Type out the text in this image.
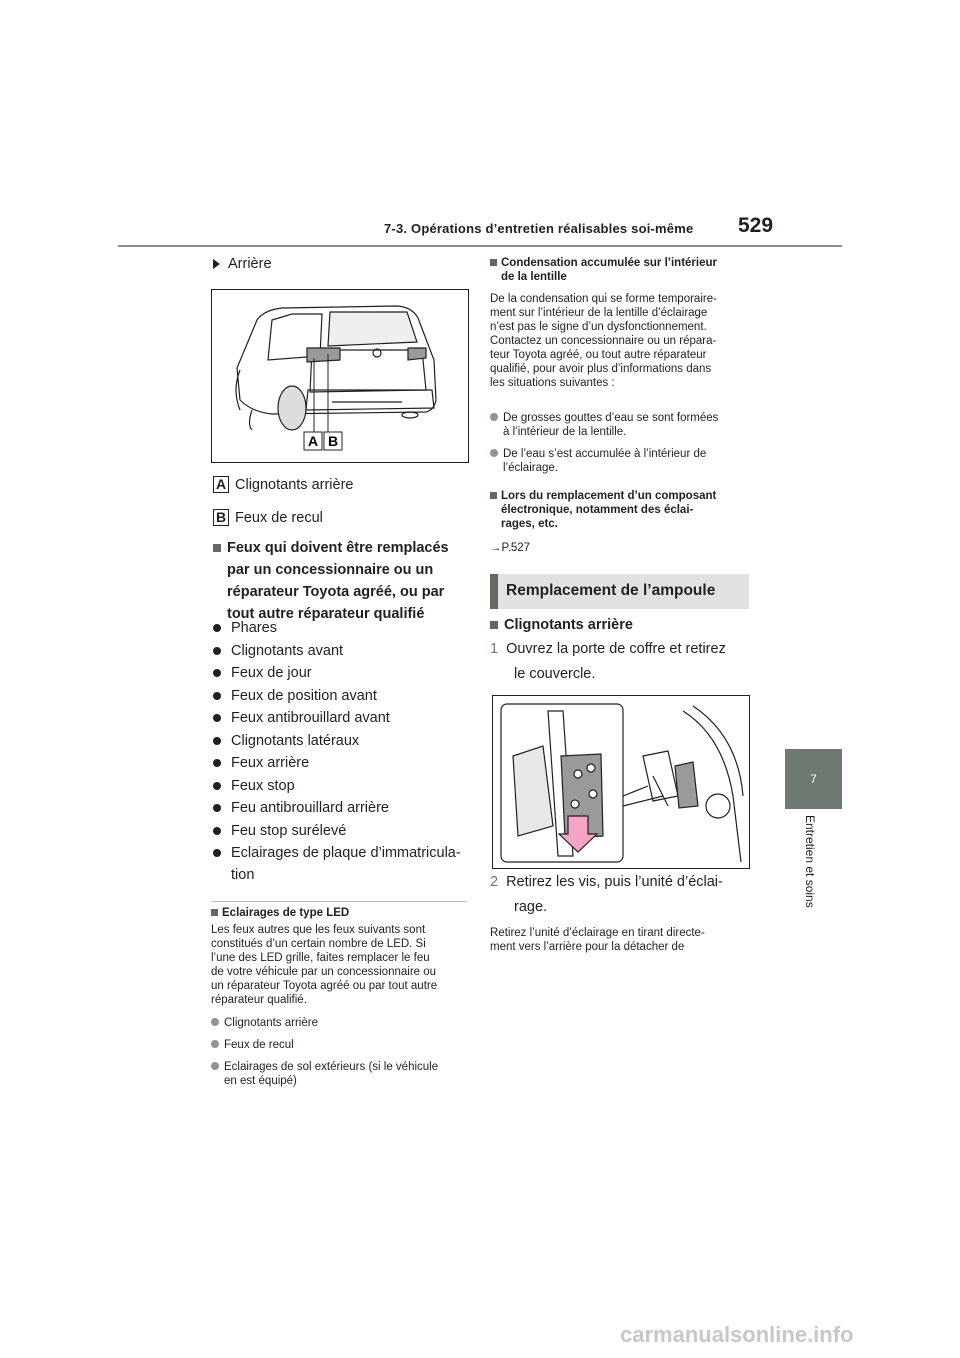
7-3. Opérations d’entretien réalisables soi-même 529
7
Entretien et soins
Arrière
A B
A Clignotants arrière
B Feux de recul
Feux qui doivent être remplacés
par un concessionnaire ou un
réparateur Toyota agréé, ou par
tout autre réparateur qualifié
Phares
Clignotants avant
Feux de jour
Feux de position avant
Feux antibrouillard avant
Clignotants latéraux
Feux arrière
Feux stop
Feu antibrouillard arrière
Feu stop surélevé
Eclairages de plaque d’immatricula-
tion
Eclairages de type LED
Les feux autres que les feux suivants sont
constitués d’un certain nombre de LED. Si
l’une des LED grille, faites remplacer le feu
de votre véhicule par un concessionnaire ou
un réparateur Toyota agréé ou par tout autre
réparateur qualifié.
Clignotants arrière
Feux de recul
Eclairages de sol extérieurs (si le véhicule
en est équipé)
Condensation accumulée sur l’intérieur
de la lentille
De la condensation qui se forme temporaire-
ment sur l’intérieur de la lentille d’éclairage
n’est pas le signe d’un dysfonctionnement.
Contactez un concessionnaire ou un répara-
teur Toyota agréé, ou tout autre réparateur
qualifié, pour avoir plus d’informations dans
les situations suivantes :
De grosses gouttes d’eau se sont formées
à l’intérieur de la lentille.
De l’eau s’est accumulée à l’intérieur de
l’éclairage.
Lors du remplacement d’un composant
électronique, notamment des éclai-
rages, etc.
→P.527
Remplacement de l’ampoule
Clignotants arrière
1 Ouvrez la porte de coffre et retirez
le couvercle.
2 Retirez les vis, puis l’unité d’éclai-
rage.
Retirez l’unité d’éclairage en tirant directe-
ment vers l’arrière pour la détacher de
carmanualsonline.info
